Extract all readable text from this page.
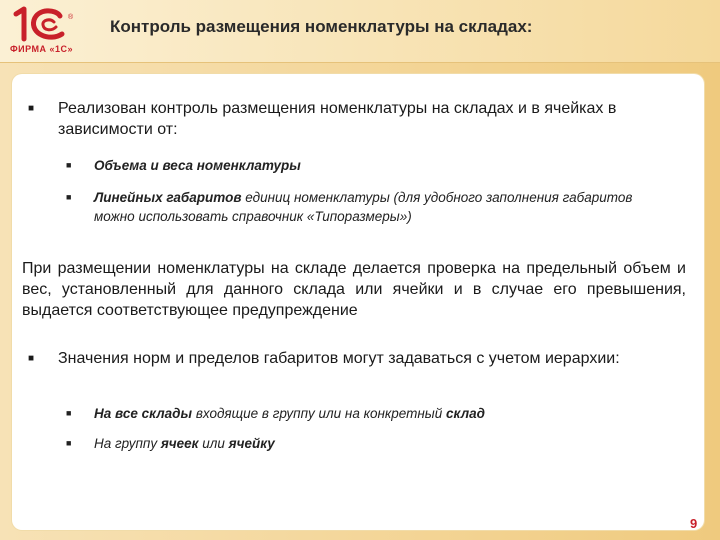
®
ФИРМА «1С»
Контроль размещения номенклатуры на складах:
■ Реализован контроль размещения номенклатуры на складах и в ячейках в зависимости от:
■ Объема и веса номенклатуры
■ Линейных габаритов единиц номенклатуры (для удобного заполнения габаритов можно использовать справочник «Типоразмеры»)
При размещении номенклатуры на складе делается проверка на предельный объем и вес, установленный для данного склада или ячейки и в случае его превышения, выдается соответствующее предупреждение
■ Значения норм и пределов габаритов могут задаваться с учетом иерархии:
■ На все склады входящие в группу или на конкретный склад
■ На группу ячеек или ячейку
9
